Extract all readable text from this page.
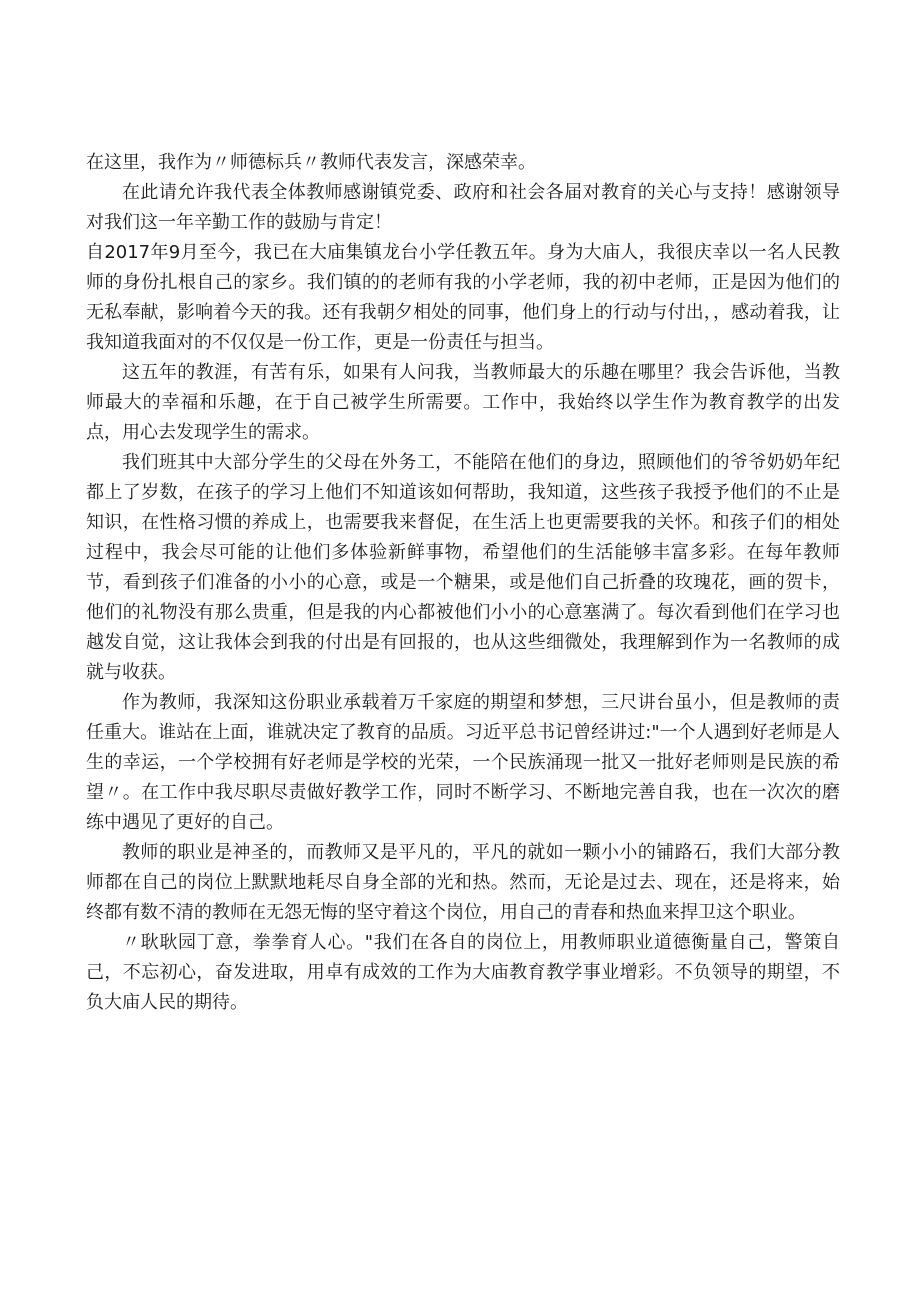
在这里，我作为〃师德标兵〃教师代表发言，深感荣幸。

在此请允许我代表全体教师感谢镇党委、政府和社会各届对教育的关心与支持！感谢领导对我们这一年辛勤工作的鼓励与肯定！

自2017年9月至今，我已在大庙集镇龙台小学任教五年。身为大庙人，我很庆幸以一名人民教师的身份扎根自己的家乡。我们镇的的老师有我的小学老师，我的初中老师，正是因为他们的无私奉献，影响着今天的我。还有我朝夕相处的同事，他们身上的行动与付出，，感动着我，让我知道我面对的不仅仅是一份工作，更是一份责任与担当。

这五年的教涯，有苦有乐，如果有人问我，当教师最大的乐趣在哪里？我会告诉他，当教师最大的幸福和乐趣，在于自己被学生所需要。工作中，我始终以学生作为教育教学的出发点，用心去发现学生的需求。

我们班其中大部分学生的父母在外务工，不能陪在他们的身边，照顾他们的爷爷奶奶年纪都上了岁数，在孩子的学习上他们不知道该如何帮助，我知道，这些孩子我授予他们的不止是知识，在性格习惯的养成上，也需要我来督促，在生活上也更需要我的关怀。和孩子们的相处过程中，我会尽可能的让他们多体验新鲜事物，希望他们的生活能够丰富多彩。在每年教师节，看到孩子们准备的小小的心意，或是一个糖果，或是他们自己折叠的玫瑰花，画的贺卡，他们的礼物没有那么贵重，但是我的内心都被他们小小的心意塞满了。每次看到他们在学习也越发自觉，这让我体会到我的付出是有回报的，也从这些细微处，我理解到作为一名教师的成就与收获。

作为教师，我深知这份职业承载着万千家庭的期望和梦想，三尺讲台虽小，但是教师的责任重大。谁站在上面，谁就决定了教育的品质。习近平总书记曾经讲过:"一个人遇到好老师是人生的幸运，一个学校拥有好老师是学校的光荣，一个民族涌现一批又一批好老师则是民族的希望〃。在工作中我尽职尽责做好教学工作，同时不断学习、不断地完善自我，也在一次次的磨练中遇见了更好的自己。

教师的职业是神圣的，而教师又是平凡的，平凡的就如一颗小小的铺路石，我们大部分教师都在自己的岗位上默默地耗尽自身全部的光和热。然而，无论是过去、现在，还是将来，始终都有数不清的教师在无怨无悔的坚守着这个岗位，用自己的青春和热血来捍卫这个职业。

〃耿耿园丁意，拳拳育人心。"我们在各自的岗位上，用教师职业道德衡量自己，警策自己，不忘初心，奋发进取，用卓有成效的工作为大庙教育教学事业增彩。不负领导的期望，不负大庙人民的期待。
